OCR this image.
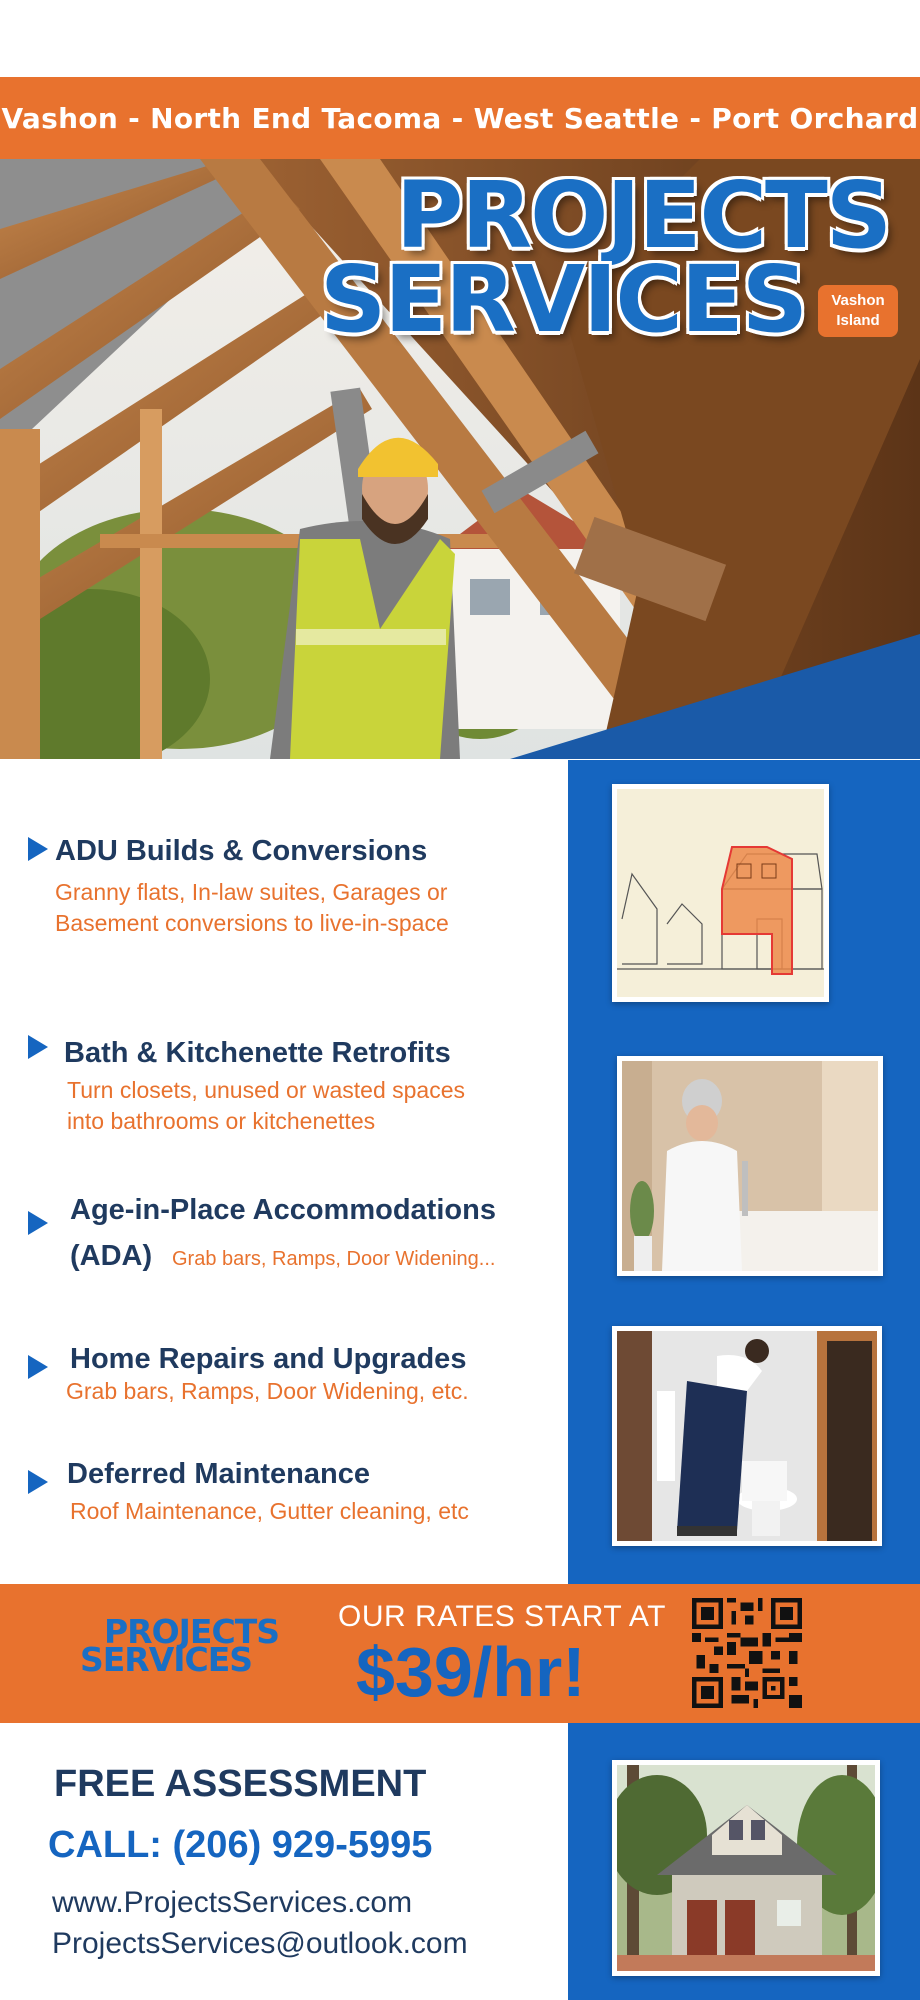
Vashon - North End Tacoma - West Seattle - Port Orchard
PROJECTS
SERVICES	Vashon
Island
ADU Builds & Conversions
Granny flats, In-law suites, Garages or
Basement conversions to live-in-space
Bath & Kitchenette Retrofits
Turn closets, unused or wasted spaces
into bathrooms or kitchenettes
Age-in-Place Accommodations
(ADA) Grab bars, Ramps, Door Widening...
Home Repairs and Upgrades
Grab bars, Ramps, Door Widening, etc.
Deferred Maintenance
Roof Maintenance, Gutter cleaning, etc
PROJECTS
SERVICES
OUR RATES START AT
$39/hr!
FREE ASSESSMENT
CALL: (206) 929-5995
www.ProjectsServices.com
ProjectsServices@outlook.com
